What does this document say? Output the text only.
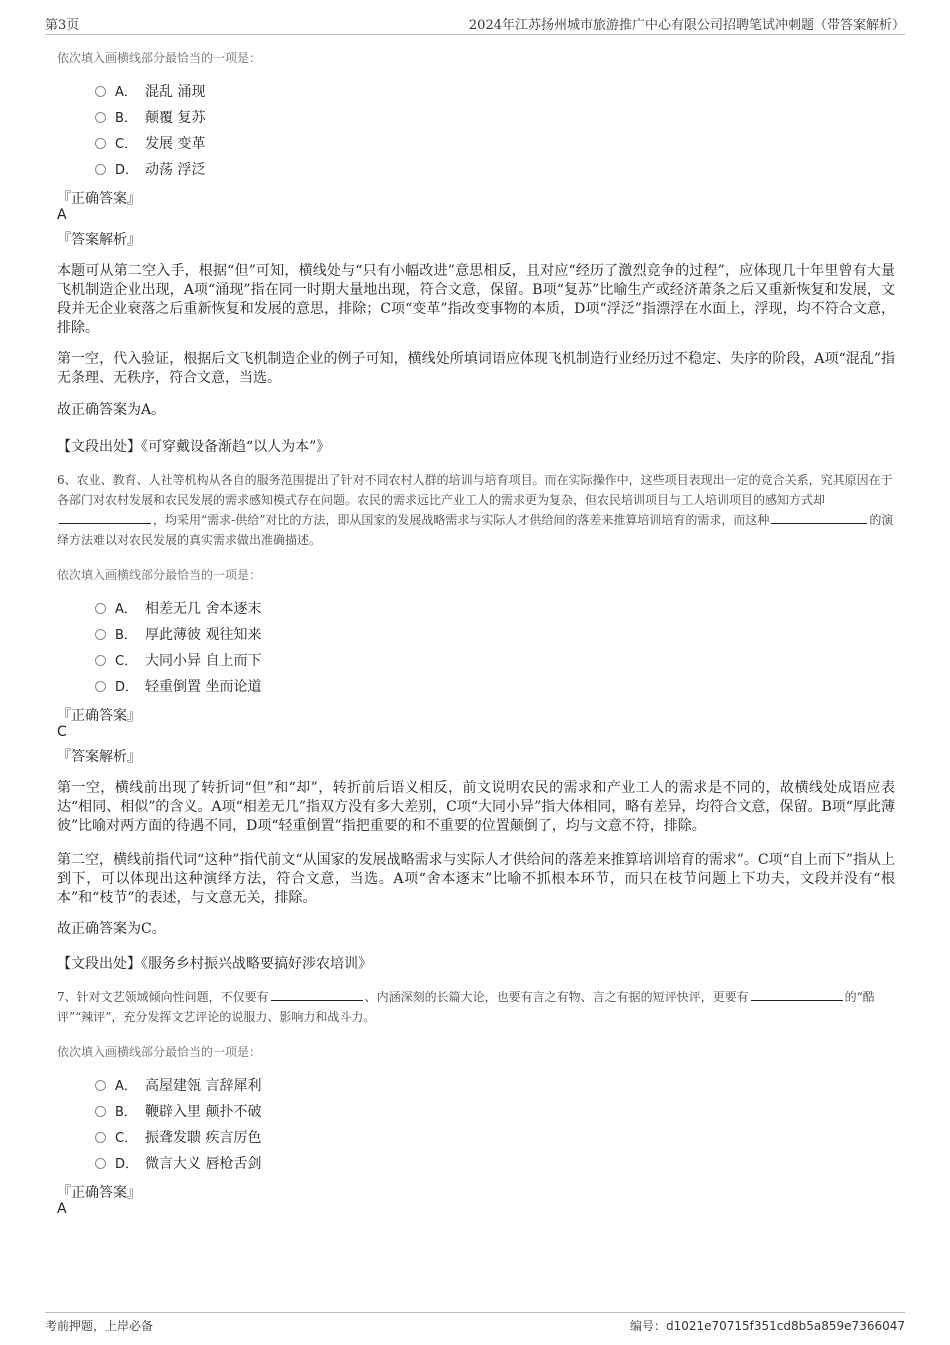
第3页	2024年江苏扬州城市旅游推广中心有限公司招聘笔试冲刺题（带答案解析）
依次填入画横线部分最恰当的一项是：
A． 混乱 涌现
B． 颠覆 复苏
C． 发展 变革
D． 动荡 浮泛
『正确答案』
A
『答案解析』
本题可从第二空入手，根据“但”可知，横线处与“只有小幅改进”意思相反，且对应“经历了激烈竞争的过程”，应体现几十年里曾有大量飞机制造企业出现，A项“涌现”指在同一时期大量地出现，符合文意，保留。B项“复苏”比喻生产或经济萧条之后又重新恢复和发展，文段并无企业衰落之后重新恢复和发展的意思，排除；C项“变革”指改变事物的本质，D项“浮泛”指漂浮在水面上，浮现，均不符合文意，排除。
第一空，代入验证，根据后文飞机制造企业的例子可知，横线处所填词语应体现飞机制造行业经历过不稳定、失序的阶段，A项“混乱”指无条理、无秩序，符合文意，当选。
故正确答案为A。
【文段出处】《可穿戴设备渐趋“以人为本”》
6、农业、教育、人社等机构从各自的服务范围提出了针对不同农村人群的培训与培育项目。而在实际操作中，这些项目表现出一定的竞合关系，究其原因在于各部门对农村发展和农民发展的需求感知模式存在问题。农民的需求远比产业工人的需求更为复杂，但农民培训项目与工人培训项目的感知方式却，均采用“需求-供给”对比的方法，即从国家的发展战略需求与实际人才供给间的落差来推算培训培育的需求，而这种	的演绎方法难以对农民发展的真实需求做出准确描述。
依次填入画横线部分最恰当的一项是：
A． 相差无几 舍本逐末
B． 厚此薄彼 观往知来
C． 大同小异 自上而下
D． 轻重倒置 坐而论道
『正确答案』
C
『答案解析』
第一空，横线前出现了转折词“但”和“却”，转折前后语义相反，前文说明农民的需求和产业工人的需求是不同的，故横线处成语应表达“相同、相似”的含义。A项“相差无几”指双方没有多大差别，C项“大同小异”指大体相同，略有差异，均符合文意，保留。B项“厚此薄彼”比喻对两方面的待遇不同，D项“轻重倒置”指把重要的和不重要的位置颠倒了，均与文意不符，排除。
第二空，横线前指代词“这种”指代前文“从国家的发展战略需求与实际人才供给间的落差来推算培训培育的需求”。C项“自上而下”指从上到下，可以体现出这种演绎方法，符合文意，当选。A项“舍本逐末”比喻不抓根本环节，而只在枝节问题上下功夫，文段并没有“根本”和“枝节”的表述，与文意无关，排除。
故正确答案为C。
【文段出处】《服务乡村振兴战略要搞好涉农培训》
7、针对文艺领域倾向性问题，不仅要有	、内涵深刻的长篇大论，也要有言之有物、言之有据的短评快评，更要有	的“酷评”“辣评”，充分发挥文艺评论的说服力、影响力和战斗力。
依次填入画横线部分最恰当的一项是：
A． 高屋建瓴 言辞犀利
B． 鞭辟入里 颠扑不破
C． 振聋发聩 疾言厉色
D． 微言大义 唇枪舌剑
『正确答案』
A
考前押题，上岸必备	编号：d1021e70715f351cd8b5a859e7366047
